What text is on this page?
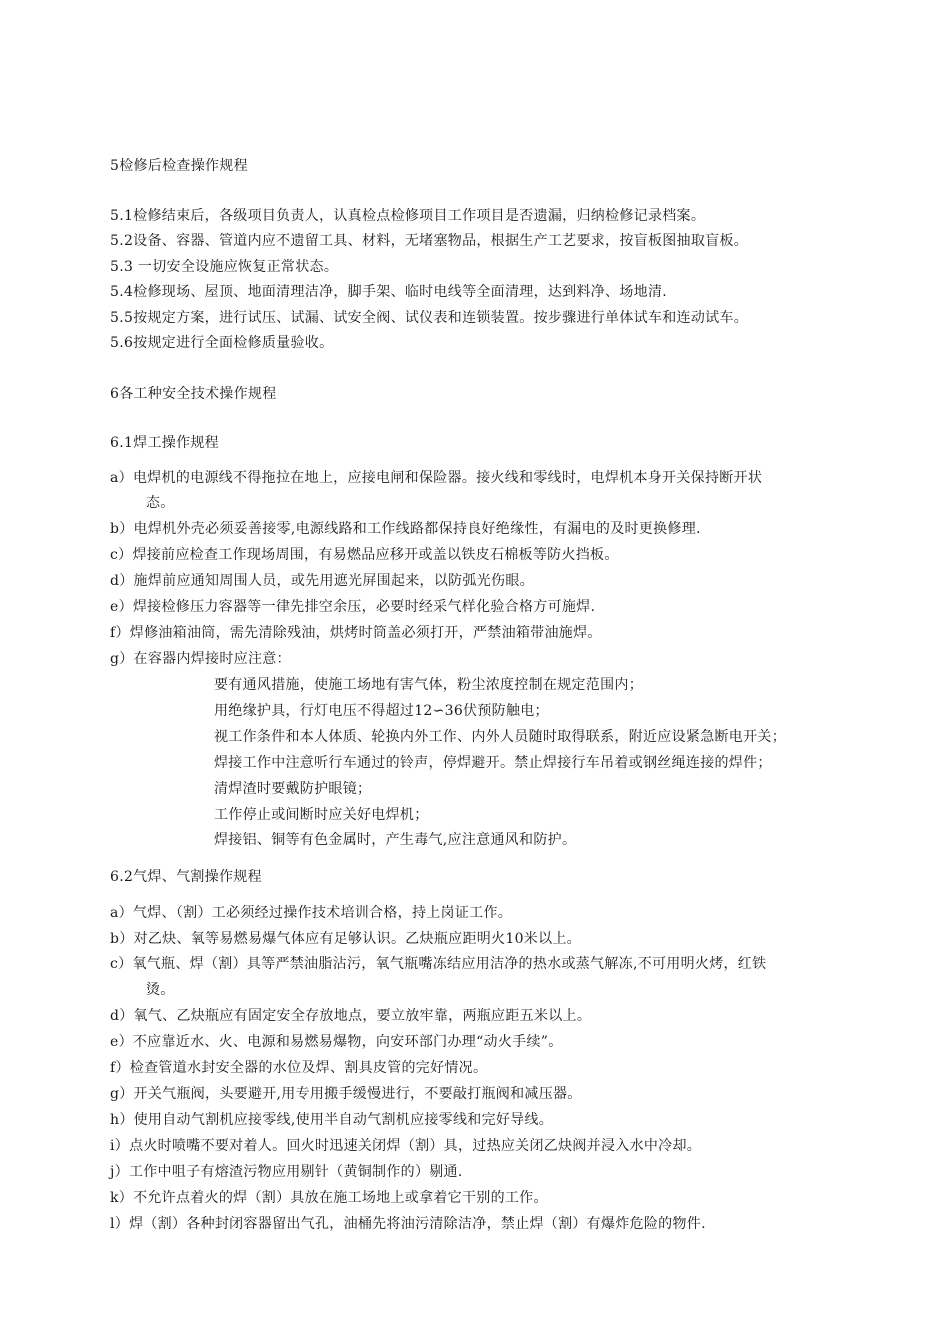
5检修后检查操作规程
5.1检修结束后，各级项目负责人，认真检点检修项目工作项目是否遗漏，归纳检修记录档案。
5.2设备、容器、管道内应不遗留工具、材料，无堵塞物品，根据生产工艺要求，按盲板图抽取盲板。
5.3 一切安全设施应恢复正常状态。
5.4检修现场、屋顶、地面清理洁净，脚手架、临时电线等全面清理，达到料净、场地清.
5.5按规定方案，进行试压、试漏、试安全阀、试仪表和连锁装置。按步骤进行单体试车和连动试车。
5.6按规定进行全面检修质量验收。
6各工种安全技术操作规程
6.1焊工操作规程
a）电焊机的电源线不得拖拉在地上，应接电闸和保险器。接火线和零线时，电焊机本身开关保持断开状
态。
b）电焊机外壳必须妥善接零,电源线路和工作线路都保持良好绝缘性，有漏电的及时更换修理.
c）焊接前应检查工作现场周围，有易燃品应移开或盖以铁皮石棉板等防火挡板。
d）施焊前应通知周围人员，或先用遮光屏围起来，以防弧光伤眼。
e）焊接检修压力容器等一律先排空余压，必要时经采气样化验合格方可施焊.
f）焊修油箱油筒，需先清除残油，烘烤时筒盖必须打开，严禁油箱带油施焊。
g）在容器内焊接时应注意：
要有通风措施，使施工场地有害气体，粉尘浓度控制在规定范围内；
用绝缘护具，行灯电压不得超过12∽36伏预防触电；
视工作条件和本人体质、轮换内外工作、内外人员随时取得联系，附近应设紧急断电开关；
焊接工作中注意听行车通过的铃声，停焊避开。禁止焊接行车吊着或钢丝绳连接的焊件；
清焊渣时要戴防护眼镜；
工作停止或间断时应关好电焊机；
焊接铝、铜等有色金属时，产生毒气,应注意通风和防护。
6.2气焊、气割操作规程
a）气焊、（割）工必须经过操作技术培训合格，持上岗证工作。
b）对乙炔、氧等易燃易爆气体应有足够认识。乙炔瓶应距明火10米以上。
c）氧气瓶、焊（割）具等严禁油脂沾污，氧气瓶嘴冻结应用洁净的热水或蒸气解冻,不可用明火烤，红铁
烫。
d）氧气、乙炔瓶应有固定安全存放地点，要立放牢靠，两瓶应距五米以上。
e）不应靠近水、火、电源和易燃易爆物，向安环部门办理“动火手续”。
f）检查管道水封安全器的水位及焊、割具皮管的完好情况。
g）开关气瓶阀，头要避开,用专用搬手缓慢进行，不要敲打瓶阀和减压器。
h）使用自动气割机应接零线,使用半自动气割机应接零线和完好导线。
i）点火时喷嘴不要对着人。回火时迅速关闭焊（割）具，过热应关闭乙炔阀并浸入水中冷却。
j）工作中咀子有熔渣污物应用剔针（黄铜制作的）剔通.
k）不允许点着火的焊（割）具放在施工场地上或拿着它干别的工作。
l）焊（割）各种封闭容器留出气孔，油桶先将油污清除洁净，禁止焊（割）有爆炸危险的物件.
